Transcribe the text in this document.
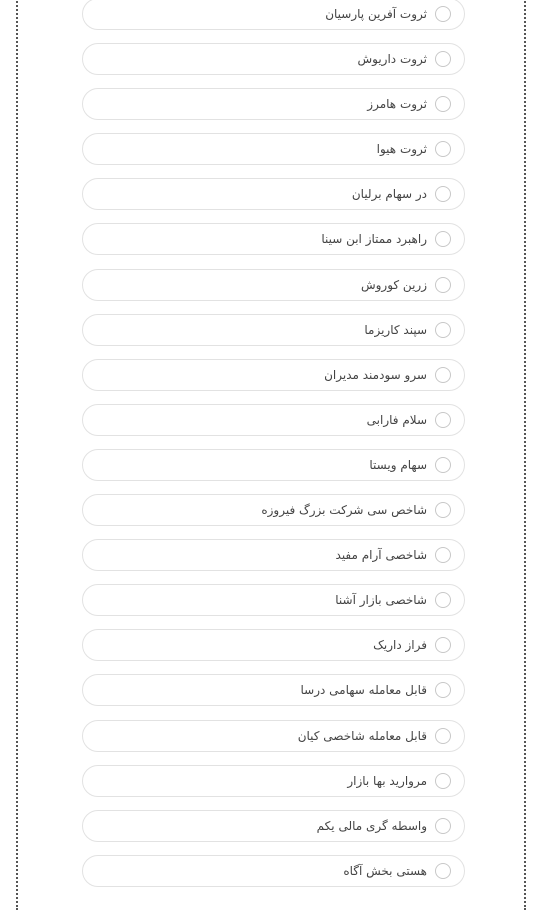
ثروت آفرین پارسیان
ثروت داریوش
ثروت هامرز
ثروت هیوا
در سهام برلیان
راهبرد ممتاز ابن سینا
زرین کوروش
سپند کاریزما
سرو سودمند مدیران
سلام فارابی
سهام ویستا
شاخص سی شرکت بزرگ فیروزه
شاخصی آرام مفید
شاخصی بازار آشنا
فراز داریک
قابل معامله سهامی درسا
قابل معامله شاخصی کیان
مروارید بها بازار
واسطه گری مالی یکم
هستی بخش آگاه
